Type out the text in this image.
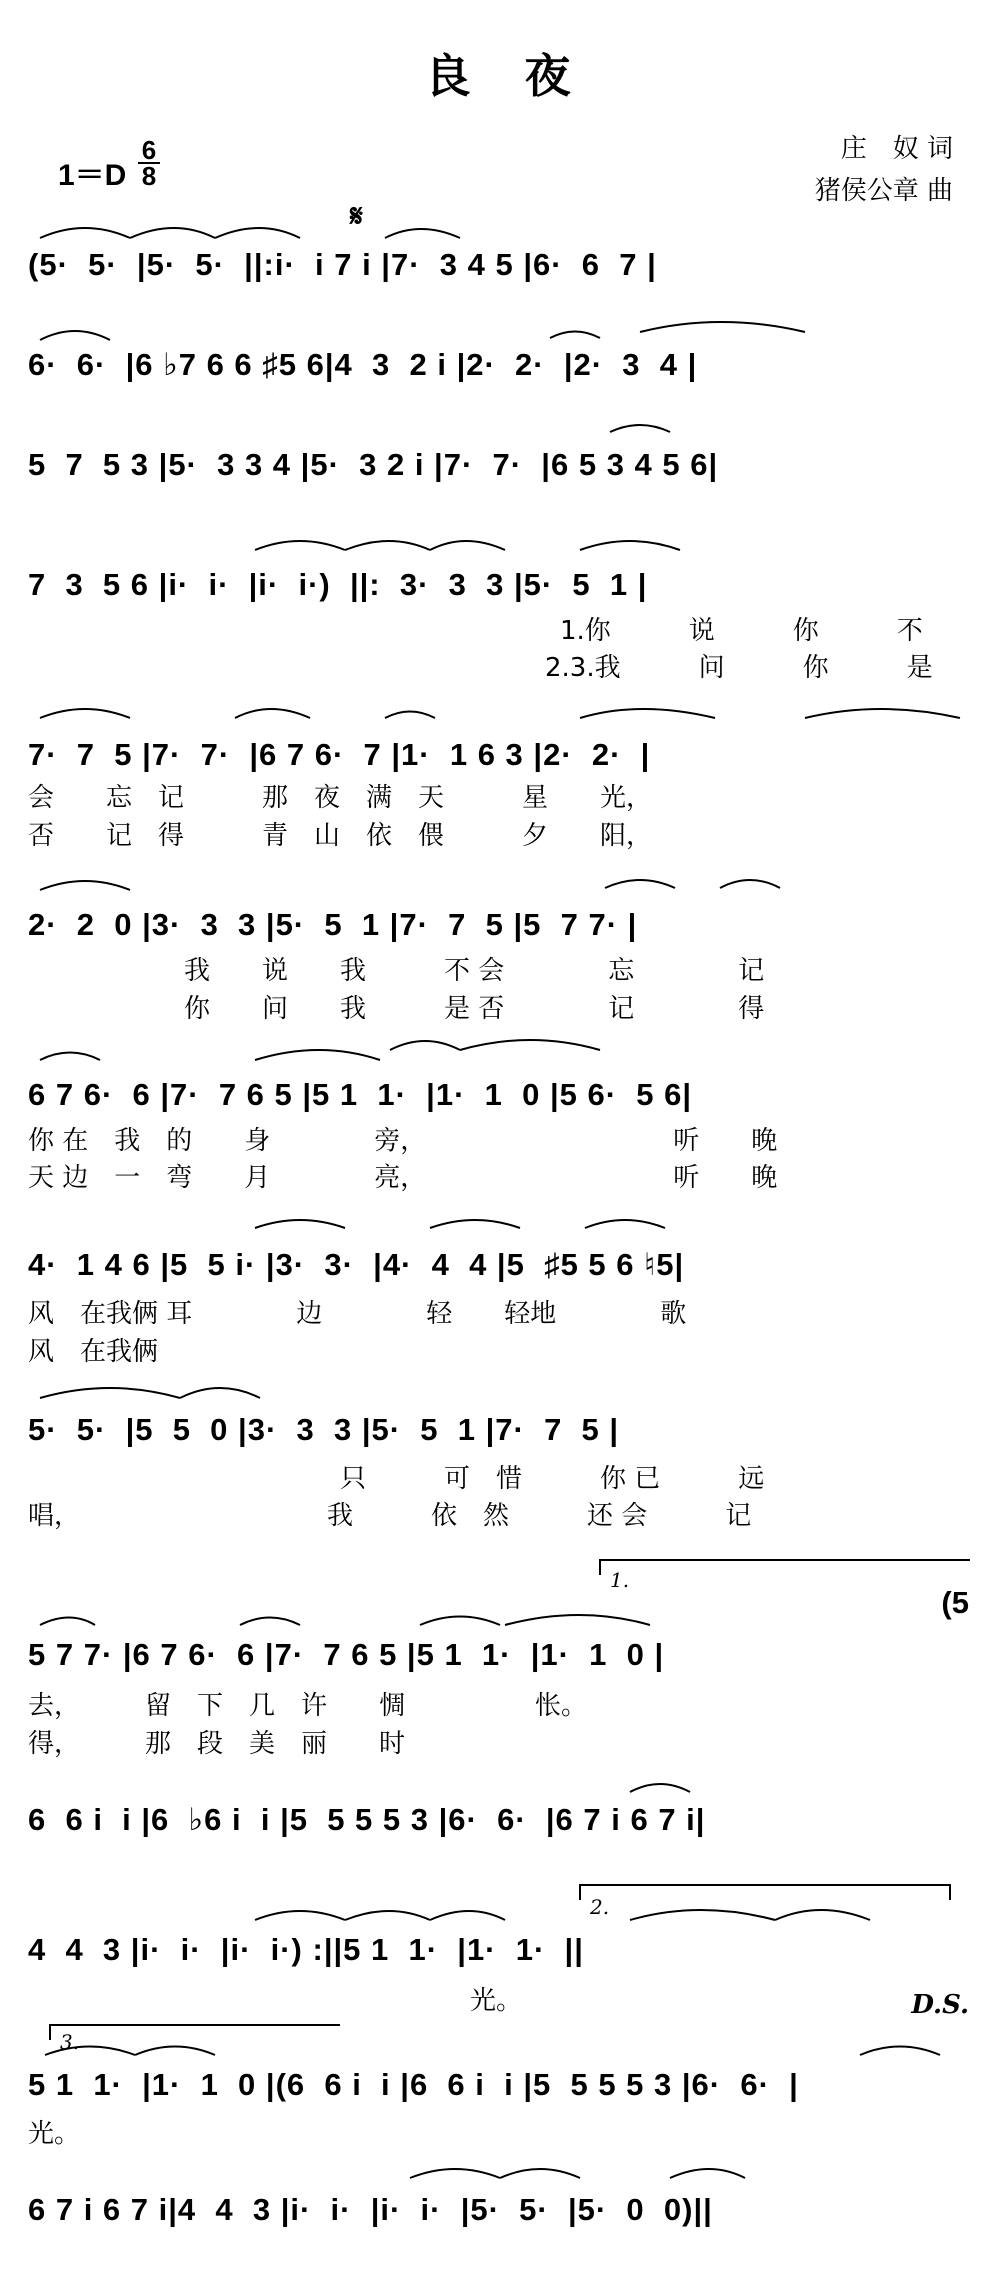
良　夜
庄　奴 词
猪侯公章 曲
$1=D \frac{6}{8}$
𝄋
(5·  5·  |5·  5·  ||:i·  i 7 i |7·  3 4 5 |6·  6  7 |
6·  6·  |6 ♭7 6 6 ♯5 6|4  3  2 i |2·  2·  |2·  3  4 |
5  7  5 3 |5·  3 3 4 |5·  3 2 i |7·  7·  |6 5 3 4 5 6|
7  3  5 6 |i·  i·  |i·  i·)  ||:  3·  3  3 |5·  5  1 |
1.你　　　说　　　你　　　不
2.3.我　　　问　　　你　　　是
7·  7  5 |7·  7·  |6 7 6·  7 |1·  1 6 3 |2·  2·  |
会　　忘　记　　　那　夜　满　天　　　星　　光，
否　　记　得　　　青　山　依　偎　　　夕　　阳，
2·  2  0 |3·  3  3 |5·  5  1 |7·  7  5 |5  7 7· |
　　　　　　我　　说　　我　　　不 会　　　　忘　　　　记
　　　　　　你　　问　　我　　　是 否　　　　记　　　　得
6 7 6·  6 |7·  7 6 5 |5 1  1·  |1·  1  0 |5 6·  5 6|
你 在　我　的　　身　　　　旁，　　　　　　　　　　听　　晚
天 边　一　弯　　月　　　　亮，　　　　　　　　　　听　　晚
4·  1 4 6 |5  5 i· |3·  3·  |4·  4  4 |5  ♯5 5 6 ♮5|
风　在我俩 耳　　　　边　　　　轻　　轻地　　　　歌
风　在我俩
5·  5·  |5  5  0 |3·  3  3 |5·  5  1 |7·  7  5 |
　　　　　　　　　　　　只　　　可　惜　　　你 已　　　远
唱，　　　　　　　　　　我　　　依　然　　　还 会　　　记
(5
5 7 7· |6 7 6·  6 |7·  7 6 5 |5 1  1·  |1·  1  0 |
去，　　　留　下　几　许　　惆　　　　　怅。
得，　　　那　段　美　丽　　时
6  6 i  i |6  ♭6 i  i |5  5 5 5 3 |6·  6·  |6 7 i 6 7 i|
4  4  3 |i·  i·  |i·  i·) :||5 1  1·  |1·  1·  ||
　　　　　　　　　　　　　　　　　光。	D.S.
5 1  1·  |1·  1  0 |(6  6 i  i |6  6 i  i |5  5 5 5 3 |6·  6·  |
光。
6 7 i 6 7 i|4  4  3 |i·  i·  |i·  i·  |5·  5·  |5·  0  0)||
1.
2.
3.
